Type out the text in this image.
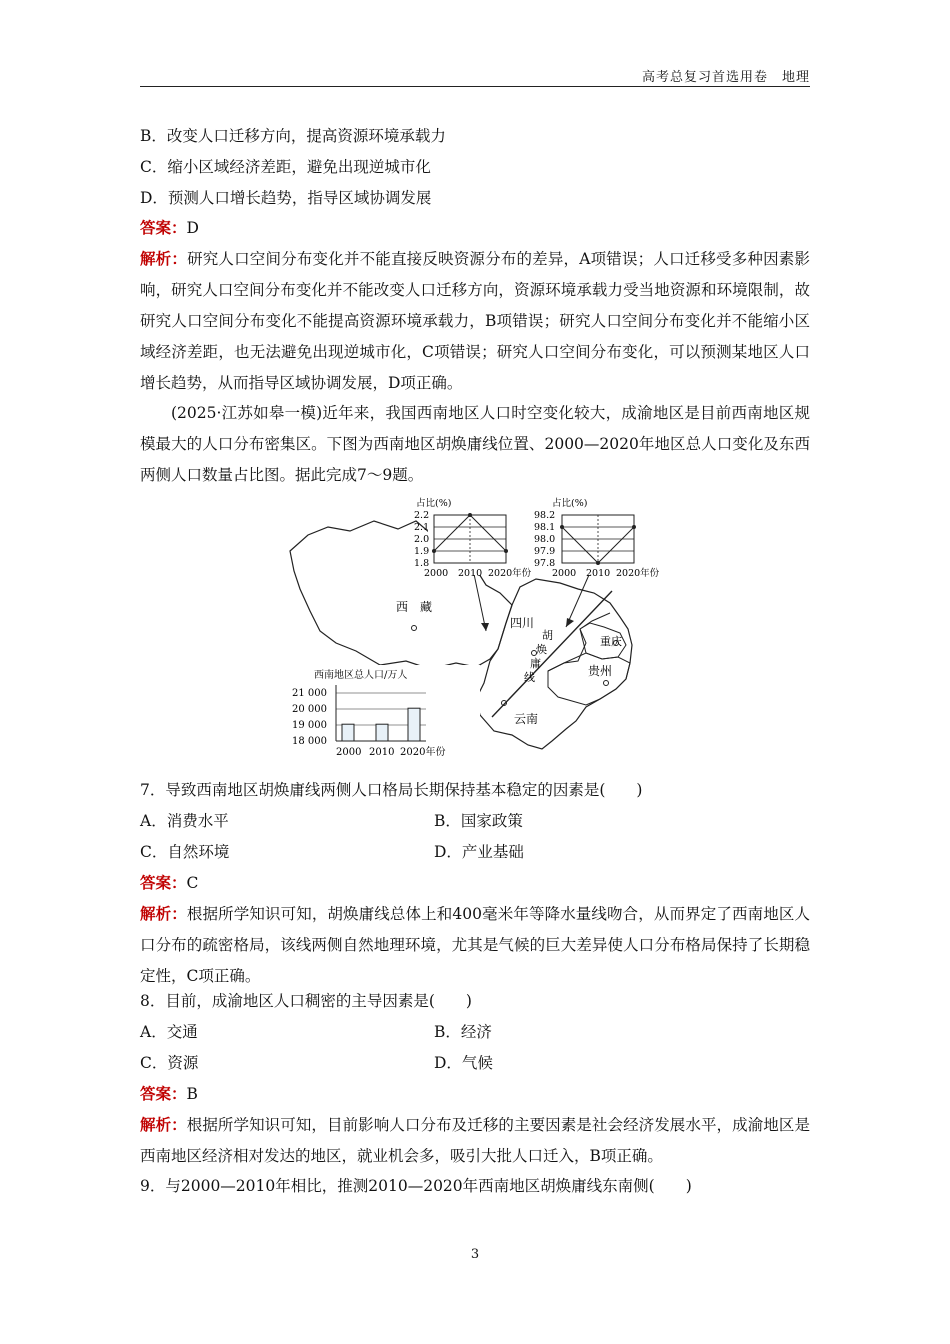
高考总复习首选用卷　地理
B．改变人口迁移方向，提高资源环境承载力
C．缩小区域经济差距，避免出现逆城市化
D．预测人口增长趋势，指导区域协调发展
答案：D
解析：研究人口空间分布变化并不能直接反映资源分布的差异，A项错误；人口迁移受多种因素影响，研究人口空间分布变化并不能改变人口迁移方向，资源环境承载力受当地资源和环境限制，故研究人口空间分布变化不能提高资源环境承载力，B项错误；研究人口空间分布变化并不能缩小区域经济差距，也无法避免出现逆城市化，C项错误；研究人口空间分布变化，可以预测某地区人口增长趋势，从而指导区域协调发展，D项正确。
(2025·江苏如皋一模)近年来，我国西南地区人口时空变化较大，成渝地区是目前西南地区规模最大的人口分布密集区。下图为西南地区胡焕庸线位置、2000—2020年地区总人口变化及东西两侧人口数量占比图。据此完成7～9题。
西　藏
四川
重庆
贵州
云南
胡
焕
庸
线
占比(%)
2.2
2.1
2.0
1.9
1.8
2000 2010 2020年份
占比(%)
98.2
98.1
98.0
97.9
97.8
2000 2010 2020年份
西南地区总人口/万人
21 000
20 000
19 000
18 000
2000 2010 2020年份
7．导致西南地区胡焕庸线两侧人口格局长期保持基本稳定的因素是(　　)
A．消费水平	B．国家政策
C．自然环境	D．产业基础
答案：C
解析：根据所学知识可知，胡焕庸线总体上和400毫米年等降水量线吻合，从而界定了西南地区人口分布的疏密格局，该线两侧自然地理环境，尤其是气候的巨大差异使人口分布格局保持了长期稳定性，C项正确。
8．目前，成渝地区人口稠密的主导因素是(　　)
A．交通	B．经济
C．资源	D．气候
答案：B
解析：根据所学知识可知，目前影响人口分布及迁移的主要因素是社会经济发展水平，成渝地区是西南地区经济相对发达的地区，就业机会多，吸引大批人口迁入，B项正确。
9．与2000—2010年相比，推测2010—2020年西南地区胡焕庸线东南侧(　　)
3
